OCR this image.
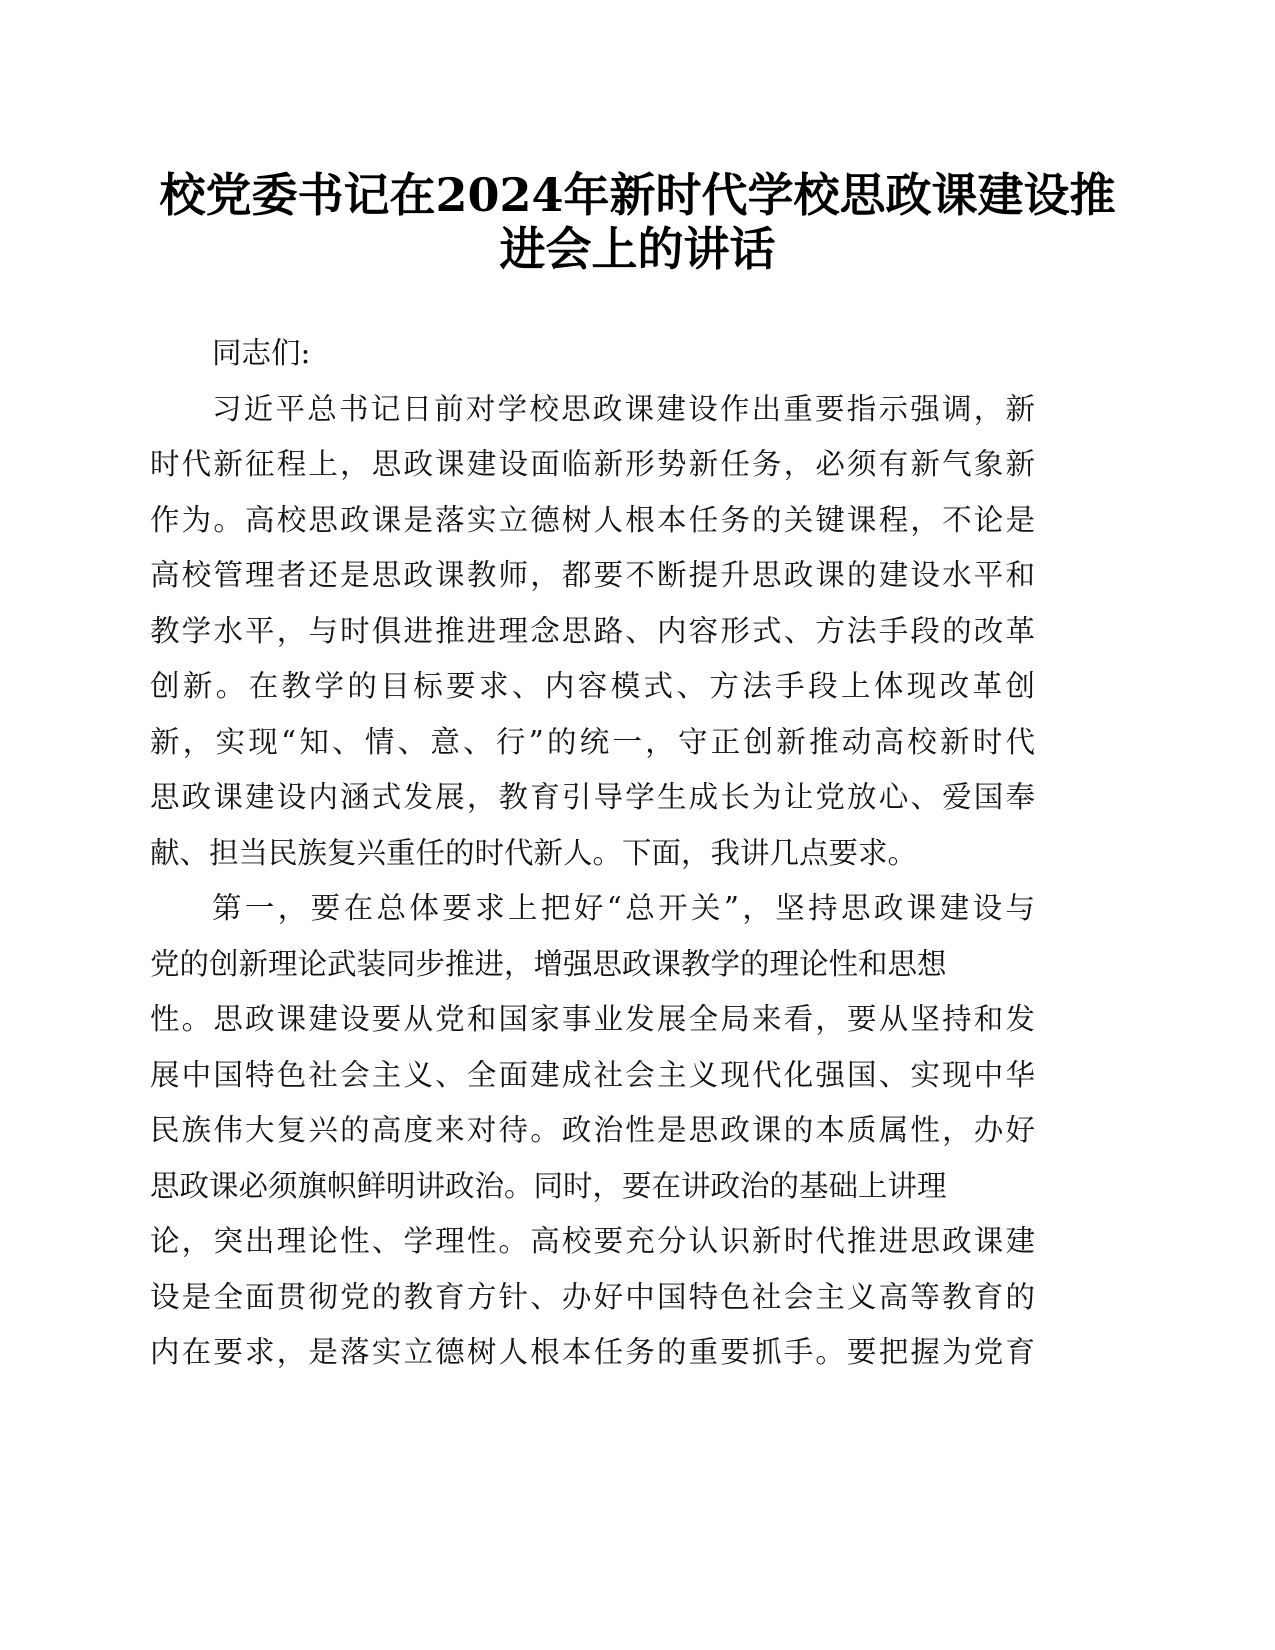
校党委书记在2024年新时代学校思政课建设推
进会上的讲话
同志们:
习近平总书记日前对学校思政课建设作出重要指示强调，新
时代新征程上，思政课建设面临新形势新任务，必须有新气象新
作为。高校思政课是落实立德树人根本任务的关键课程，不论是
高校管理者还是思政课教师，都要不断提升思政课的建设水平和
教学水平，与时俱进推进理念思路、内容形式、方法手段的改革
创新。在教学的目标要求、内容模式、方法手段上体现改革创
新，实现“知、情、意、行”的统一，守正创新推动高校新时代
思政课建设内涵式发展，教育引导学生成长为让党放心、爱国奉
献、担当民族复兴重任的时代新人。下面，我讲几点要求。
第一，要在总体要求上把好“总开关”，坚持思政课建设与
党的创新理论武装同步推进，增强思政课教学的理论性和思想
性。思政课建设要从党和国家事业发展全局来看，要从坚持和发
展中国特色社会主义、全面建成社会主义现代化强国、实现中华
民族伟大复兴的高度来对待。政治性是思政课的本质属性，办好
思政课必须旗帜鲜明讲政治。同时，要在讲政治的基础上讲理
论，突出理论性、学理性。高校要充分认识新时代推进思政课建
设是全面贯彻党的教育方针、办好中国特色社会主义高等教育的
内在要求，是落实立德树人根本任务的重要抓手。要把握为党育
